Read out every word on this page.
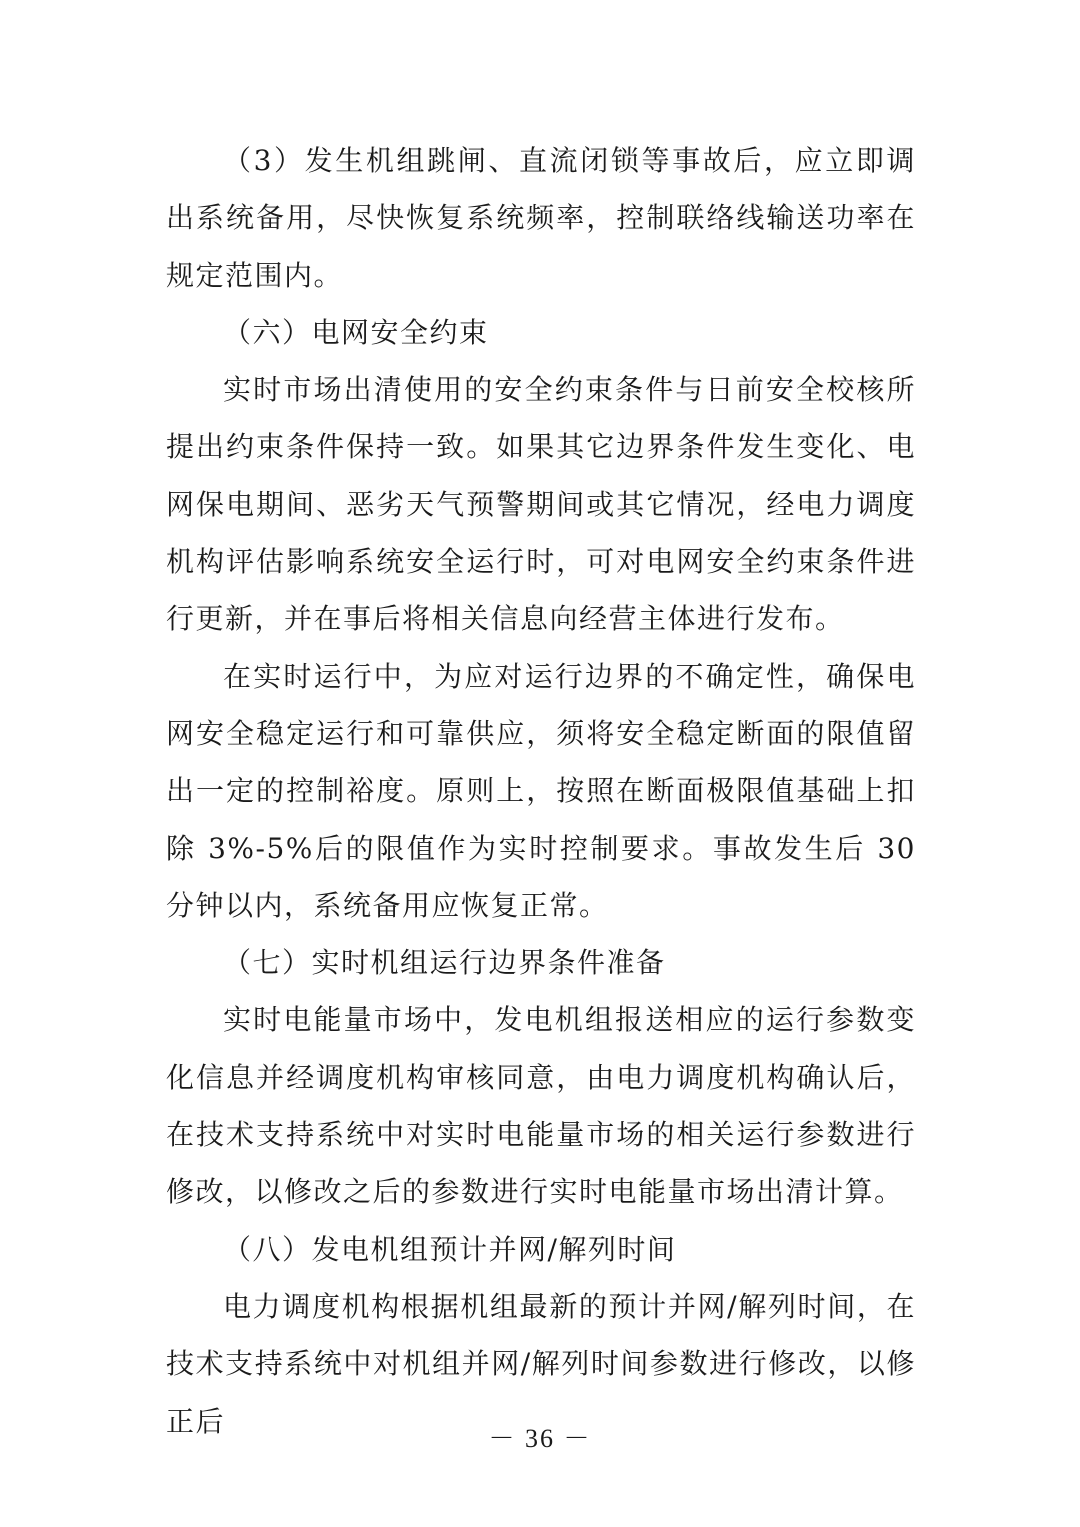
（3）发生机组跳闸、直流闭锁等事故后，应立即调出系统备用，尽快恢复系统频率，控制联络线输送功率在规定范围内。

（六）电网安全约束

实时市场出清使用的安全约束条件与日前安全校核所提出约束条件保持一致。如果其它边界条件发生变化、电网保电期间、恶劣天气预警期间或其它情况，经电力调度机构评估影响系统安全运行时，可对电网安全约束条件进行更新，并在事后将相关信息向经营主体进行发布。

在实时运行中，为应对运行边界的不确定性，确保电网安全稳定运行和可靠供应，须将安全稳定断面的限值留出一定的控制裕度。原则上，按照在断面极限值基础上扣除 3%-5%后的限值作为实时控制要求。事故发生后 30 分钟以内，系统备用应恢复正常。

（七）实时机组运行边界条件准备

实时电能量市场中，发电机组报送相应的运行参数变化信息并经调度机构审核同意，由电力调度机构确认后，在技术支持系统中对实时电能量市场的相关运行参数进行修改，以修改之后的参数进行实时电能量市场出清计算。

（八）发电机组预计并网/解列时间

电力调度机构根据机组最新的预计并网/解列时间，在技术支持系统中对机组并网/解列时间参数进行修改，以修正后

－ 36 －
